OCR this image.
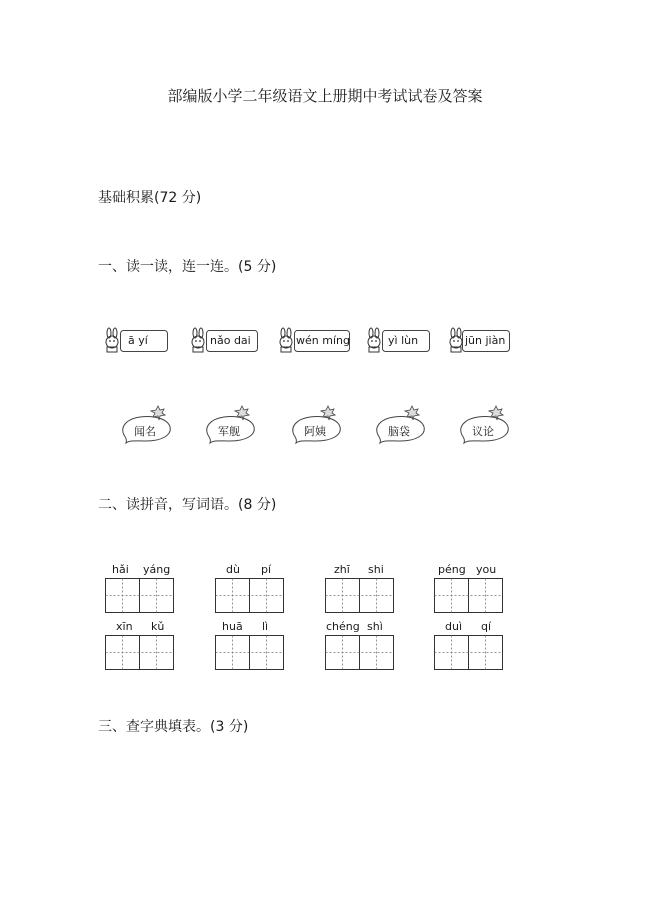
部编版小学二年级语文上册期中考试试卷及答案
基础积累(72 分)
一、读一读，连一连。(5 分)
ā yí	nǎo dai	wén míng	yì lùn	jūn jiàn
闻名	军舰	阿姨	脑袋	议论
二、读拼音，写词语。(8 分)
hǎi yáng	dù pí	zhī shi	péng you
xīn kǔ	huā lì	chéng shì	duì qí
三、查字典填表。(3 分)
